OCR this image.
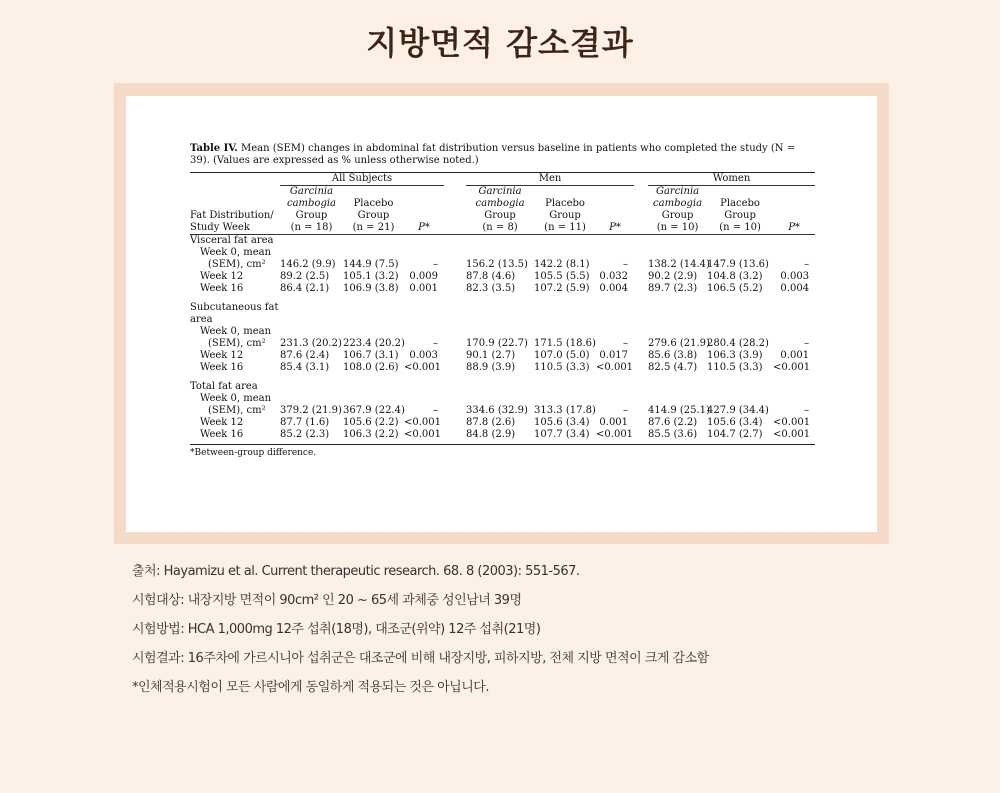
지방면적 감소결과
Table IV. Mean (SEM) changes in abdominal fat distribution versus baseline in patients who completed the study (N = 39). (Values are expressed as % unless otherwise noted.)
	All Subjects				Men				Women		
	Garcinia				Garcinia				Garcinia		
	cambogia	Placebo			cambogia	Placebo			cambogia	Placebo	
Fat Distribution/	Group	Group			Group	Group			Group	Group	
Study Week	(n = 18)	(n = 21)	P*		(n = 8)	(n = 11)	P*		(n = 10)	(n = 10)	P*
Visceral fat area											
Week 0, mean											
(SEM), cm²	146.2 (9.9)	144.9 (7.5)	–		156.2 (13.5)	142.2 (8.1)	–		138.2 (14.4)	147.9 (13.6)	–
Week 12	89.2 (2.5)	105.1 (3.2)	0.009		87.8 (4.6)	105.5 (5.5)	0.032		90.2 (2.9)	104.8 (3.2)	0.003
Week 16	86.4 (2.1)	106.9 (3.8)	0.001		82.3 (3.5)	107.2 (5.9)	0.004		89.7 (2.3)	106.5 (5.2)	0.004

Subcutaneous fat											
area											
Week 0, mean											
(SEM), cm²	231.3 (20.2)	223.4 (20.2)	–		170.9 (22.7)	171.5 (18.6)	–		279.6 (21.9)	280.4 (28.2)	–
Week 12	87.6 (2.4)	106.7 (3.1)	0.003		90.1 (2.7)	107.0 (5.0)	0.017		85.6 (3.8)	106.3 (3.9)	0.001
Week 16	85.4 (3.1)	108.0 (2.6)	<0.001		88.9 (3.9)	110.5 (3.3)	<0.001		82.5 (4.7)	110.5 (3.3)	<0.001

Total fat area											
Week 0, mean											
(SEM), cm²	379.2 (21.9)	367.9 (22.4)	–		334.6 (32.9)	313.3 (17.8)	–		414.9 (25.1)	427.9 (34.4)	–
Week 12	87.7 (1.6)	105.6 (2.2)	<0.001		87.8 (2.6)	105.6 (3.4)	0.001		87.6 (2.2)	105.6 (3.4)	<0.001
Week 16	85.2 (2.3)	106.3 (2.2)	<0.001		84.8 (2.9)	107.7 (3.4)	<0.001		85.5 (3.6)	104.7 (2.7)	<0.001

*Between-group difference.
출처: Hayamizu et al. Current therapeutic research. 68. 8 (2003): 551-567.
시험대상: 내장지방 면적이 90cm² 인 20 ~ 65세 과체중 성인남녀 39명
시험방법: HCA 1,000mg 12주 섭취(18명), 대조군(위약) 12주 섭취(21명)
시험결과: 16주차에 가르시니아 섭취군은 대조군에 비해 내장지방, 피하지방, 전체 지방 면적이 크게 감소함
*인체적용시험이 모든 사람에게 동일하게 적용되는 것은 아닙니다.
